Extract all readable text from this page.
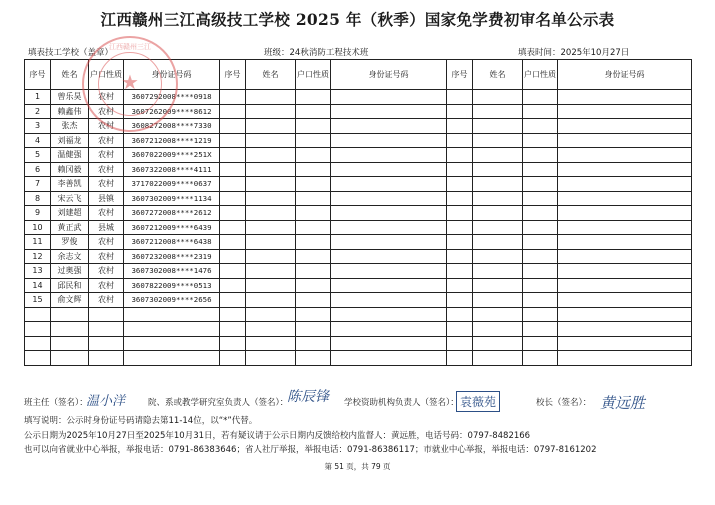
江西赣州三江高级技工学校 2025 年（秋季）国家免学费初审名单公示表
填表技工学校（盖章）	班级：24秋消防工程技术班	填表时间：2025年10月27日
序号	姓名	户口性质	身份证号码	序号	姓名	户口性质	身份证号码	序号	姓名	户口性质	身份证号码
1	曾乐昊	农村	3607292008****0918								
2	赖鑫伟	农村	3607262009****8612								
3	张杰	农村	3608272008****7330								
4	刘福龙	农村	3607212008****1219								
5	温健强	农村	3607022009****251X								
6	赖冈毅	农村	3607322008****4111								
7	李善凯	农村	3717022009****0637								
8	宋云飞	县镇	3607302009****1134								
9	刘建超	农村	3607272008****2612								
10	黄正武	县城	3607212009****6439								
11	罗俊	农村	3607212008****6438								
12	余志文	农村	3607232008****2319								
13	过奥强	农村	3607302008****1476								
14	邱民和	农村	3607822009****0513								
15	俞文辉	农村	3607302009****2656								

江西赣州三江
★
班主任（签名）：
温小洋	院、系或教学研究室负责人（签名）：
陈辰锋 学校资助机构负责人（签名）： 袁薇苑	校长（签名）： 黄远胜
填写说明：公示时身份证号码请隐去第11-14位，以“*”代替。
公示日期为2025年10月27日至2025年10月31日，若有疑议请于公示日期内反馈给校内监督人：黄远胜，电话号码：0797-8482166
也可以向省就业中心举报，举报电话：0791-86383646；省人社厅举报，举报电话：0791-86386117；市就业中心举报，举报电话：0797-8161202
第 51 页，共 79 页
